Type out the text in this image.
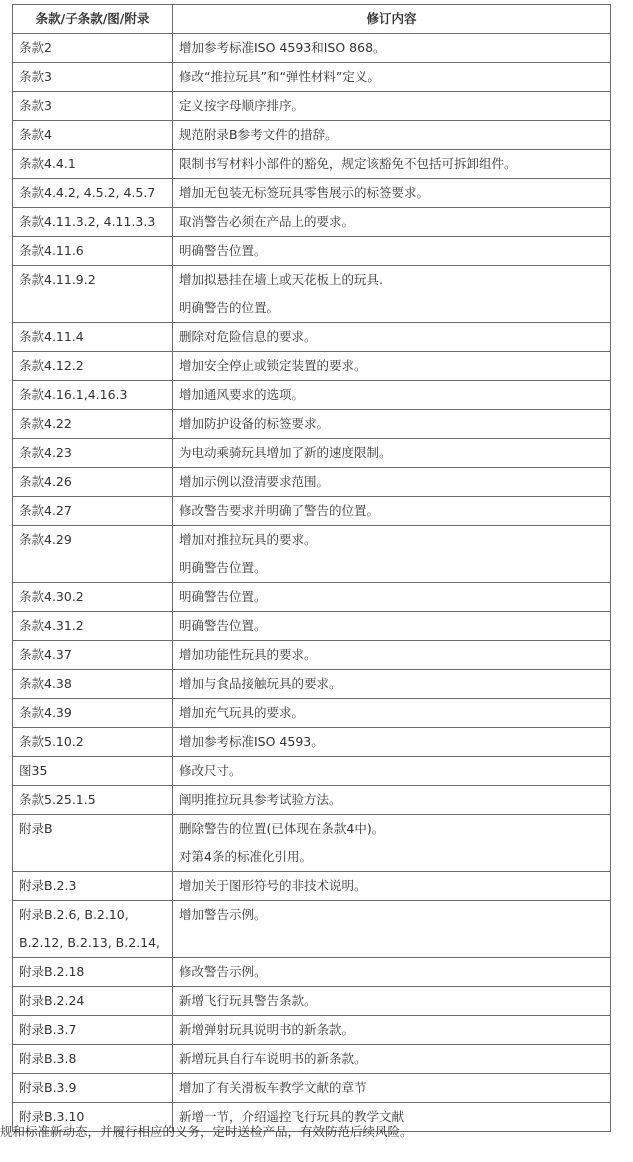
条款/子条款/图/附录	修订内容

条款2	增加参考标准ISO 4593和ISO 868。

条款3	修改“推拉玩具”和“弹性材料”定义。

条款3	定义按字母顺序排序。

条款4	规范附录B参考文件的措辞。

条款4.4.1	限制书写材料小部件的豁免，规定该豁免不包括可拆卸组件。

条款4.4.2, 4.5.2, 4.5.7	增加无包装无标签玩具零售展示的标签要求。

条款4.11.3.2, 4.11.3.3	取消警告必须在产品上的要求。

条款4.11.6	明确警告位置。

条款4.11.9.2	增加拟悬挂在墙上或天花板上的玩具.
明确警告的位置。

条款4.11.4	删除对危险信息的要求。

条款4.12.2	增加安全停止或锁定装置的要求。

条款4.16.1,4.16.3	增加通风要求的选项。

条款4.22	增加防护设备的标签要求。

条款4.23	为电动乘骑玩具增加了新的速度限制。

条款4.26	增加示例以澄清要求范围。

条款4.27	修改警告要求并明确了警告的位置。

条款4.29	增加对推拉玩具的要求。
明确警告位置。

条款4.30.2	明确警告位置。

条款4.31.2	明确警告位置。

条款4.37	增加功能性玩具的要求。

条款4.38	增加与食品接触玩具的要求。

条款4.39	增加充气玩具的要求。

条款5.10.2	增加参考标准ISO 4593。

图35	修改尺寸。

条款5.25.1.5	阐明推拉玩具参考试验方法。

附录B	删除警告的位置(已体现在条款4中)。
对第4条的标准化引用。

附录B.2.3	增加关于图形符号的非技术说明。

附录B.2.6, B.2.10,
B.2.12, B.2.13, B.2.14,	增加警告示例。

附录B.2.18	修改警告示例。

附录B.2.24	新增飞行玩具警告条款。

附录B.3.7	新增弹射玩具说明书的新条款。

附录B.3.8	新增玩具自行车说明书的新条款。

附录B.3.9	增加了有关滑板车教学文献的章节

附录B.3.10	新增一节，介绍遥控飞行玩具的教学文献
规和标准新动态，并履行相应的义务，定时送检产品，有效防范后续风险。
